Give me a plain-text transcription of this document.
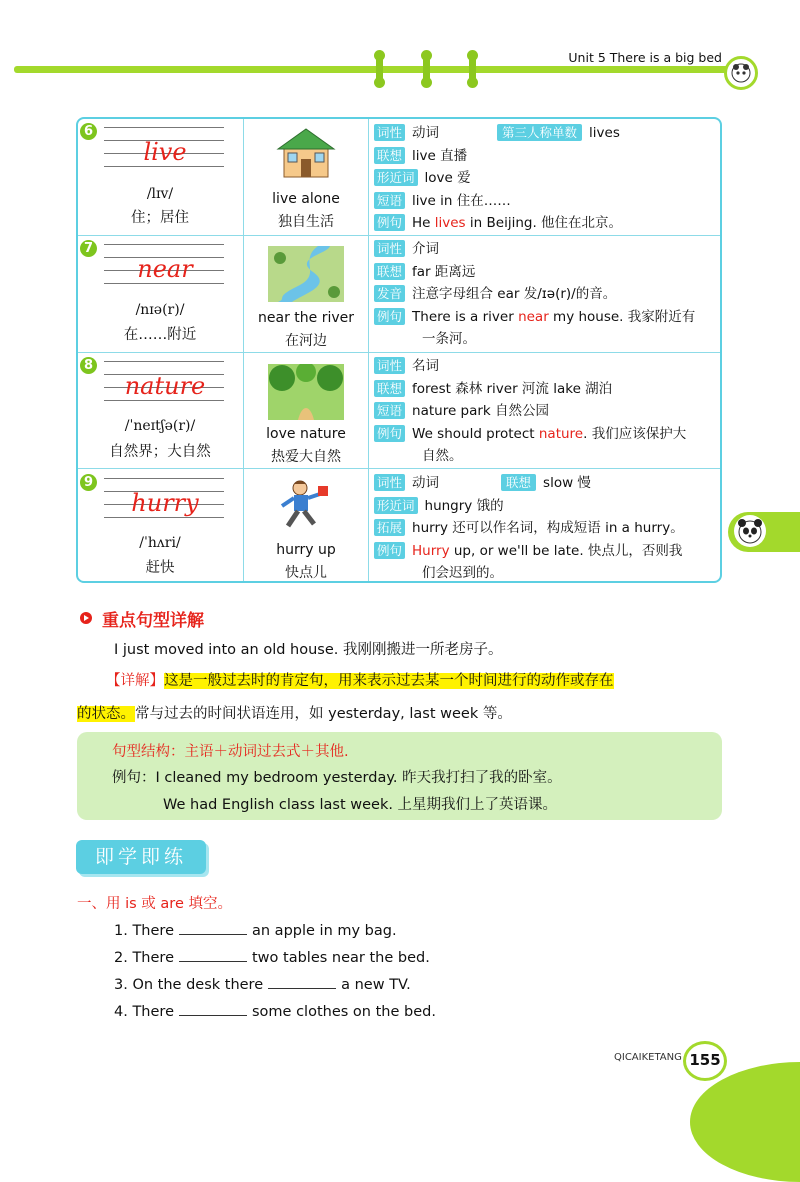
Unit 5 There is a big bed
6
live
/lɪv/
住；居住
live alone
独自生活
词性 动词	第三人称单数 lives
联想 live 直播
形近词 love 爱
短语 live in 住在……
例句 He lives in Beijing. 他住在北京。
7
near
/nɪə(r)/
在……附近
near the river
在河边
词性 介词
联想 far 距离远
发音 注意字母组合 ear 发/ɪə(r)/的音。
例句 There is a river near my house. 我家附近有
一条河。
8
nature
/ˈneɪtʃə(r)/
自然界；大自然
love nature
热爱大自然
词性 名词
联想 forest 森林 river 河流 lake 湖泊
短语 nature park 自然公园
例句 We should protect nature. 我们应该保护大
自然。
9
hurry
/ˈhʌri/
赶快
hurry up
快点儿
词性 动词	联想 slow 慢
形近词 hungry 饿的
拓展 hurry 还可以作名词，构成短语 in a hurry。
例句 Hurry up, or we'll be late. 快点儿，否则我
们会迟到的。
重点句型详解
I just moved into an old house. 我刚刚搬进一所老房子。
【详解】这是一般过去时的肯定句，用来表示过去某一个时间进行的动作或存在
的状态。常与过去的时间状语连用，如 yesterday, last week 等。
句型结构：主语＋动词过去式＋其他.
例句：I cleaned my bedroom yesterday. 昨天我打扫了我的卧室。
We had English class last week. 上星期我们上了英语课。
即学即练
一、用 is 或 are 填空。
1. There	an apple in my bag.
2. There	two tables near the bed.
3. On the desk there	a new TV.
4. There	some clothes on the bed.
QICAIKETANG 155
